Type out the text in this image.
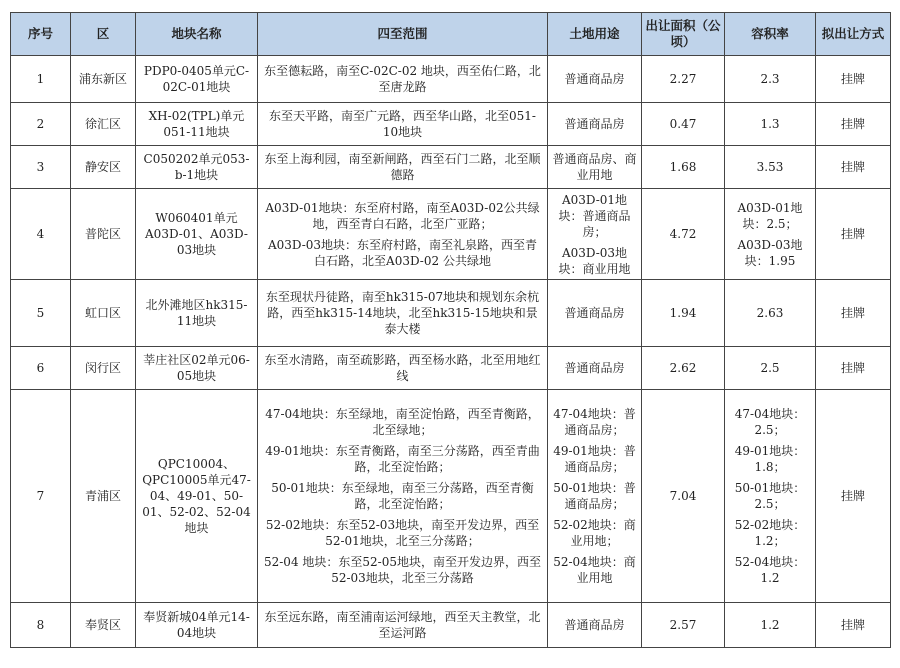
序号	区	地块名称	四至范围	土地用途	出让面积（公顷）	容积率	拟出让方式
1	浦东新区	PDP0-0405单元C-02C-01地块	东至德耘路，南至C-02C-02 地块，西至佑仁路，北至唐龙路	普通商品房	2.27	2.3	挂牌
2	徐汇区	XH-02(TPL)单元051-11地块	东至天平路，南至广元路，西至华山路，北至051-10地块	普通商品房	0.47	1.3	挂牌
3	静安区	C050202单元053-b-1地块	东至上海利园，南至新闸路，西至石门二路，北至顺德路	普通商品房、商业用地	1.68	3.53	挂牌
4	普陀区	W060401单元A03D-01、A03D-03地块	A03D-01地块：东至府村路，南至A03D-02公共绿地，西至青白石路，北至广亚路；
A03D-03地块：东至府村路，南至礼泉路，西至青白石路，北至A03D-02 公共绿地	A03D-01地块：普通商品房；
A03D-03地块：商业用地	4.72	A03D-01地块：2.5；
A03D-03地块：1.95	挂牌
5	虹口区	北外滩地区hk315-11地块	东至现状丹徒路，南至hk315-07地块和规划东余杭路，西至hk315-14地块，北至hk315-15地块和景泰大楼	普通商品房	1.94	2.63	挂牌
6	闵行区	莘庄社区02单元06-05地块	东至水清路，南至疏影路，西至杨水路，北至用地红线	普通商品房	2.62	2.5	挂牌
7	青浦区	QPC10004、QPC10005单元47-04、49-01、50-01、52-02、52-04地块	47-04地块：东至绿地，南至淀怡路，西至青衡路，北至绿地；
49-01地块：东至青衡路，南至三分荡路，西至青曲路，北至淀怡路；
50-01地块：东至绿地，南至三分荡路，西至青衡路，北至淀怡路；
52-02地块：东至52-03地块，南至开发边界，西至52-01地块，北至三分荡路；
52-04 地块：东至52-05地块，南至开发边界，西至52-03地块，北至三分荡路	47-04地块：普通商品房；
49-01地块：普通商品房；
50-01地块：普通商品房；
52-02地块：商业用地；
52-04地块：商业用地	7.04	47-04地块：2.5；
49-01地块：1.8；
50-01地块：2.5；
52-02地块：1.2；
52-04地块：1.2	挂牌
8	奉贤区	奉贤新城04单元14-04地块	东至远东路，南至浦南运河绿地，西至天主教堂，北至运河路	普通商品房	2.57	1.2	挂牌
